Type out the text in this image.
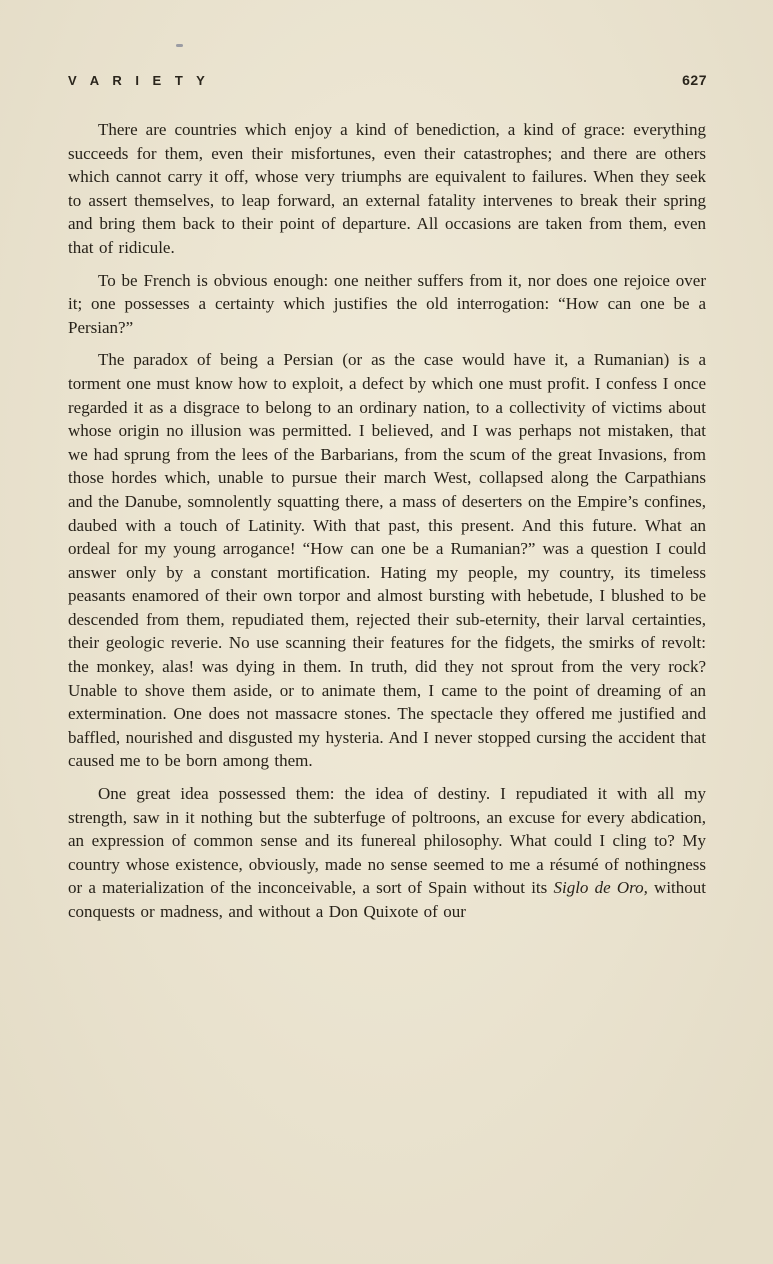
V A R I E T Y	627

There are countries which enjoy a kind of benediction, a kind of grace: everything succeeds for them, even their misfortunes, even their catastrophes; and there are others which cannot carry it off, whose very triumphs are equivalent to failures. When they seek to assert themselves, to leap forward, an external fatality intervenes to break their spring and bring them back to their point of departure. All occasions are taken from them, even that of ridicule.

To be French is obvious enough: one neither suffers from it, nor does one rejoice over it; one possesses a certainty which justifies the old interrogation: “How can one be a Persian?”

The paradox of being a Persian (or as the case would have it, a Rumanian) is a torment one must know how to exploit, a defect by which one must profit. I confess I once regarded it as a disgrace to belong to an ordinary nation, to a collectivity of victims about whose origin no illusion was permitted. I believed, and I was perhaps not mistaken, that we had sprung from the lees of the Barbarians, from the scum of the great Invasions, from those hordes which, unable to pursue their march West, collapsed along the Carpathians and the Danube, somnolently squatting there, a mass of deserters on the Empire’s confines, daubed with a touch of Latinity. With that past, this present. And this future. What an ordeal for my young arrogance! “How can one be a Rumanian?” was a question I could answer only by a constant mortification. Hating my people, my country, its timeless peasants enamored of their own torpor and almost bursting with hebetude, I blushed to be descended from them, repudiated them, rejected their sub-eternity, their larval certainties, their geologic reverie. No use scanning their features for the fidgets, the smirks of revolt: the monkey, alas! was dying in them. In truth, did they not sprout from the very rock? Unable to shove them aside, or to animate them, I came to the point of dreaming of an extermination. One does not massacre stones. The spectacle they offered me justified and baffled, nourished and disgusted my hysteria. And I never stopped cursing the accident that caused me to be born among them.

One great idea possessed them: the idea of destiny. I repudiated it with all my strength, saw in it nothing but the subterfuge of poltroons, an excuse for every abdication, an expression of common sense and its funereal philosophy. What could I cling to? My country whose existence, obviously, made no sense seemed to me a résumé of nothingness or a materialization of the inconceivable, a sort of Spain without its Siglo de Oro, without conquests or madness, and without a Don Quixote of our
